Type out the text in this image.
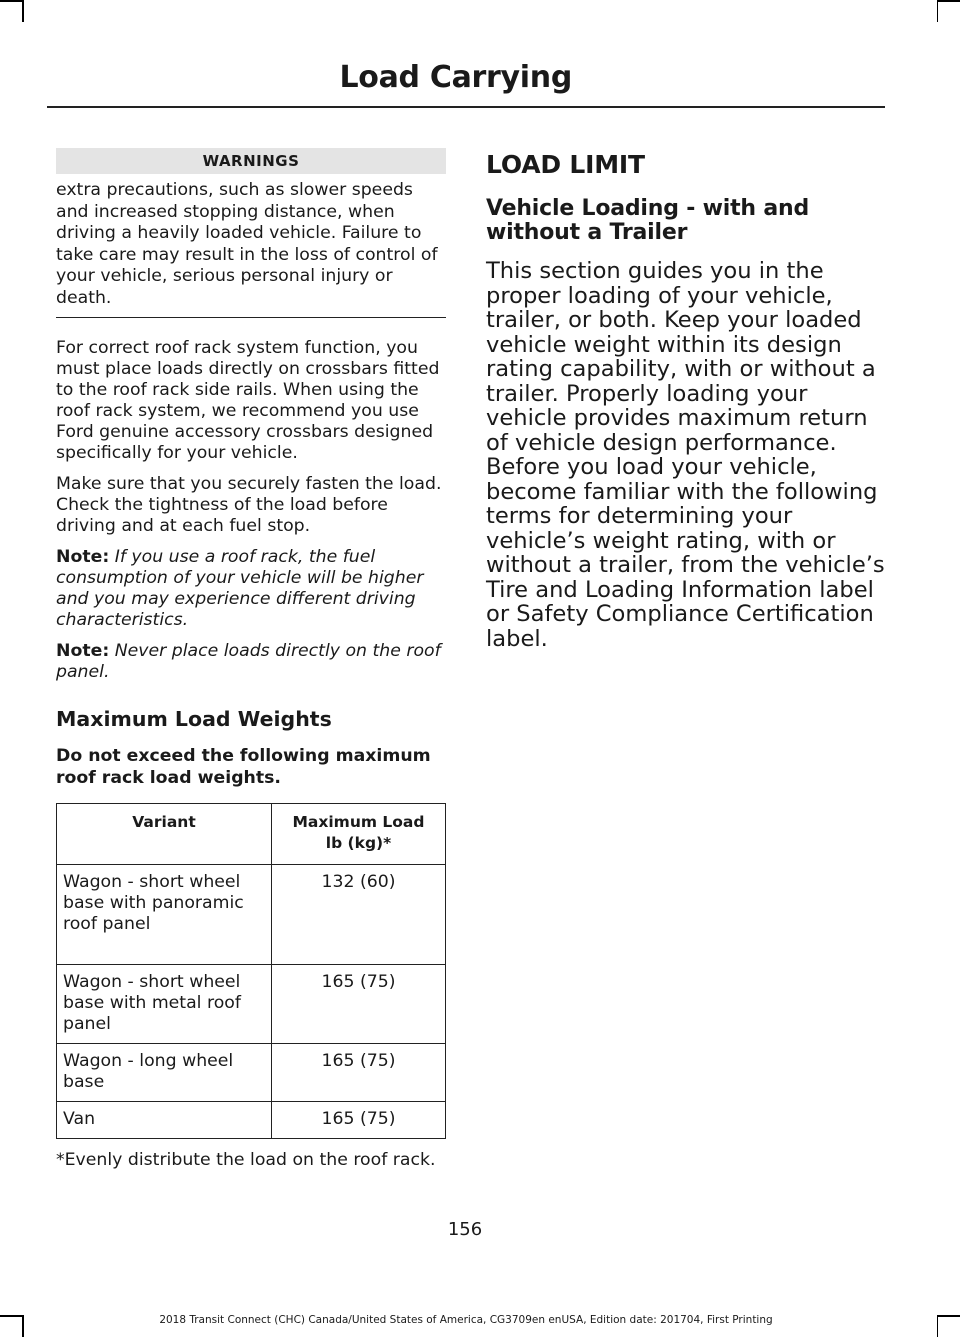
Load Carrying
WARNINGS
extra precautions, such as slower speeds and increased stopping distance, when driving a heavily loaded vehicle. Failure to take care may result in the loss of control of your vehicle, serious personal injury or death.

For correct roof rack system function, you must place loads directly on crossbars fitted to the roof rack side rails. When using the roof rack system, we recommend you use Ford genuine accessory crossbars designed specifically for your vehicle.

Make sure that you securely fasten the load. Check the tightness of the load before driving and at each fuel stop.

Note: If you use a roof rack, the fuel consumption of your vehicle will be higher and you may experience different driving characteristics.

Note: Never place loads directly on the roof panel.

Maximum Load Weights

Do not exceed the following maximum roof rack load weights.

Variant	Maximum Load lb (kg)*
Wagon - short wheel base with panoramic roof panel	132 (60)
Wagon - short wheel base with metal roof panel	165 (75)
Wagon - long wheel base	165 (75)
Van	165 (75)
*Evenly distribute the load on the roof rack.
LOAD LIMIT
Vehicle Loading - with and without a Trailer

This section guides you in the proper loading of your vehicle, trailer, or both. Keep your loaded vehicle weight within its design rating capability, with or without a trailer. Properly loading your vehicle provides maximum return of vehicle design performance. Before you load your vehicle, become familiar with the following terms for determining your vehicle’s weight rating, with or without a trailer, from the vehicle’s Tire and Loading Information label or Safety Compliance Certification label.

156
2018 Transit Connect (CHC) Canada/United States of America, CG3709en enUSA, Edition date: 201704, First Printing
